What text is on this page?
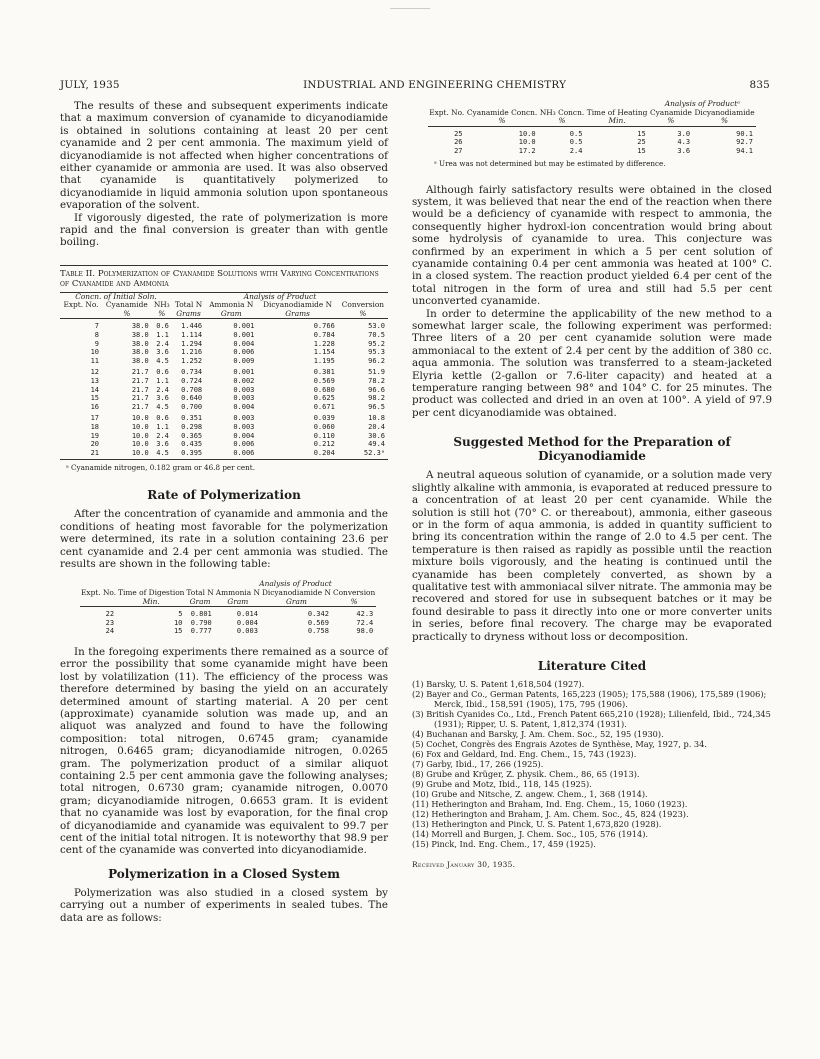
JULY, 1935	INDUSTRIAL AND ENGINEERING CHEMISTRY	835

The results of these and subsequent experiments indicate that a maximum conversion of cyanamide to dicyanodiamide is obtained in solutions containing at least 20 per cent cyanamide and 2 per cent ammonia. The maximum yield of dicyanodiamide is not affected when higher concentrations of either cyanamide or ammonia are used. It was also observed that cyanamide is quantitatively polymerized to dicyanodiamide in liquid ammonia solution upon spontaneous evaporation of the solvent.

If vigorously digested, the rate of polymerization is more rapid and the final conversion is greater than with gentle boiling.

Table II. Polymerization of Cyanamide Solutions with Varying Concentrations of Cyanamide and Ammonia
Concn. of Initial Soln.			Analysis of Product			
Expt. No.	Cyanamide	NH₃	Total N	Ammonia N	Dicyanodiamide N	Conversion
	%	%	Grams	Gram	Grams	%
7	38.0	0.6	1.446	0.001	0.766	53.0
8	38.0	1.1	1.114	0.001	0.784	70.5
9	38.0	2.4	1.294	0.004	1.228	95.2
10	38.0	3.6	1.216	0.006	1.154	95.3
11	38.0	4.5	1.252	0.009	1.195	96.2
12	21.7	0.6	0.734	0.001	0.381	51.9
13	21.7	1.1	0.724	0.002	0.569	78.2
14	21.7	2.4	0.708	0.003	0.680	96.6
15	21.7	3.6	0.640	0.003	0.625	98.2
16	21.7	4.5	0.700	0.004	0.671	96.5
17	10.0	0.6	0.351	0.003	0.039	10.8
18	10.0	1.1	0.298	0.003	0.060	20.4
19	10.0	2.4	0.365	0.004	0.110	30.6
20	10.0	3.6	0.435	0.006	0.212	49.4
21	10.0	4.5	0.395	0.006	0.204	52.3ᵃ
ᵃ Cyanamide nitrogen, 0.182 gram or 46.8 per cent.
Rate of Polymerization

After the concentration of cyanamide and ammonia and the conditions of heating most favorable for the polymerization were determined, its rate in a solution containing 23.6 per cent cyanamide and 2.4 per cent ammonia was studied. The results are shown in the following table:

			Analysis of Product		
Expt. No.	Time of Digestion	Total N	Ammonia N	Dicyanodiamide N	Conversion
	Min.	Gram	Gram	Gram	%
22	5	0.801	0.014	0.342	42.3
23	10	0.790	0.004	0.569	72.4
24	15	0.777	0.003	0.758	98.0

In the foregoing experiments there remained as a source of error the possibility that some cyanamide might have been lost by volatilization (11). The efficiency of the process was therefore determined by basing the yield on an accurately determined amount of starting material. A 20 per cent (approximate) cyanamide solution was made up, and an aliquot was analyzed and found to have the following composition: total nitrogen, 0.6745 gram; cyanamide nitrogen, 0.6465 gram; dicyanodiamide nitrogen, 0.0265 gram. The polymerization product of a similar aliquot containing 2.5 per cent ammonia gave the following analyses; total nitrogen, 0.6730 gram; cyanamide nitrogen, 0.0070 gram; dicyanodiamide nitrogen, 0.6653 gram. It is evident that no cyanamide was lost by evaporation, for the final crop of dicyanodiamide and cyanamide was equivalent to 99.7 per cent of the initial total nitrogen. It is noteworthy that 98.9 per cent of the cyanamide was converted into dicyanodiamide.

Polymerization in a Closed System

Polymerization was also studied in a closed system by carrying out a number of experiments in sealed tubes. The data are as follows:

				Analysis of Productᵃ	
Expt. No.	Cyanamide Concn.	NH₃ Concn.	Time of Heating	Cyanamide	Dicyanodiamide
	%	%	Min.	%	%
25	10.0	0.5	15	3.0	90.1
26	10.0	0.5	25	4.3	92.7
27	17.2	2.4	15	3.6	94.1
ᵃ Urea was not determined but may be estimated by difference.

Although fairly satisfactory results were obtained in the closed system, it was believed that near the end of the reaction when there would be a deficiency of cyanamide with respect to ammonia, the consequently higher hydroxl-ion concentration would bring about some hydrolysis of cyanamide to urea. This conjecture was confirmed by an experiment in which a 5 per cent solution of cyanamide containing 0.4 per cent ammonia was heated at 100° C. in a closed system. The reaction product yielded 6.4 per cent of the total nitrogen in the form of urea and still had 5.5 per cent unconverted cyanamide.

In order to determine the applicability of the new method to a somewhat larger scale, the following experiment was performed: Three liters of a 20 per cent cyanamide solution were made ammoniacal to the extent of 2.4 per cent by the addition of 380 cc. aqua ammonia. The solution was transferred to a steam-jacketed Elyria kettle (2-gallon or 7.6-liter capacity) and heated at a temperature ranging between 98° and 104° C. for 25 minutes. The product was collected and dried in an oven at 100°. A yield of 97.9 per cent dicyanodiamide was obtained.

Suggested Method for the Preparation of Dicyanodiamide

A neutral aqueous solution of cyanamide, or a solution made very slightly alkaline with ammonia, is evaporated at reduced pressure to a concentration of at least 20 per cent cyanamide. While the solution is still hot (70° C. or thereabout), ammonia, either gaseous or in the form of aqua ammonia, is added in quantity sufficient to bring its concentration within the range of 2.0 to 4.5 per cent. The temperature is then raised as rapidly as possible until the reaction mixture boils vigorously, and the heating is continued until the cyanamide has been completely converted, as shown by a qualitative test with ammoniacal silver nitrate. The ammonia may be recovered and stored for use in subsequent batches or it may be found desirable to pass it directly into one or more converter units in series, before final recovery. The charge may be evaporated practically to dryness without loss or decomposition.

Literature Cited
(1) Barsky, U. S. Patent 1,618,504 (1927).
(2) Bayer and Co., German Patents, 165,223 (1905); 175,588 (1906), 175,589 (1906); Merck, Ibid., 158,591 (1905), 175, 795 (1906).
(3) British Cyanides Co., Ltd., French Patent 665,210 (1928); Lilienfeld, Ibid., 724,345 (1931); Ripper, U. S. Patent, 1,812,374 (1931).
(4) Buchanan and Barsky, J. Am. Chem. Soc., 52, 195 (1930).
(5) Cochet, Congrès des Engrais Azotes de Synthèse, May, 1927, p. 34.
(6) Fox and Geldard, Ind. Eng. Chem., 15, 743 (1923).
(7) Garby, Ibid., 17, 266 (1925).
(8) Grube and Krüger, Z. physik. Chem., 86, 65 (1913).
(9) Grube and Motz, Ibid., 118, 145 (1925).
(10) Grube and Nitsche, Z. angew. Chem., 1, 368 (1914).
(11) Hetherington and Braham, Ind. Eng. Chem., 15, 1060 (1923).
(12) Hetherington and Braham, J. Am. Chem. Soc., 45, 824 (1923).
(13) Hetherington and Pinck, U. S. Patent 1,673,820 (1928).
(14) Morrell and Burgen, J. Chem. Soc., 105, 576 (1914).
(15) Pinck, Ind. Eng. Chem., 17, 459 (1925).
Received January 30, 1935.
